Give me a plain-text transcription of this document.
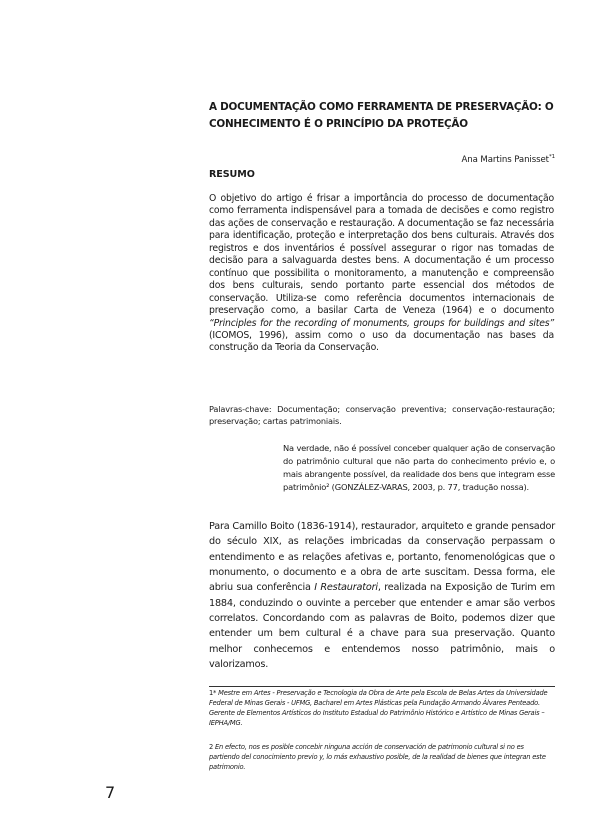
A DOCUMENTAÇÃO COMO FERRAMENTA DE PRESERVAÇÃO: O CONHECIMENTO É O PRINCÍPIO DA PROTEÇÃO
Ana Martins Panisset$^{*1}$
RESUMO

O objetivo do artigo é frisar a importância do processo de documentação como ferramenta indispensável para a tomada de decisões e como registro das ações de conservação e restauração. A documentação se faz necessária para identificação, proteção e interpretação dos bens culturais. Através dos registros e dos inventários é possível assegurar o rigor nas tomadas de decisão para a salvaguarda destes bens. A documentação é um processo contínuo que possibilita o monitoramento, a manutenção e compreensão dos bens culturais, sendo portanto parte essencial dos métodos de conservação. Utiliza-se como referência documentos internacionais de preservação como, a basilar Carta de Veneza (1964) e o documento “Principles for the recording of monuments, groups for buildings and sites” (ICOMOS, 1996), assim como o uso da documentação nas bases da construção da Teoria da Conservação.

Palavras-chave: Documentação; conservação preventiva; conservação-restauração; preservação; cartas patrimoniais.

Na verdade, não é possível conceber qualquer ação de conservação do patrimônio cultural que não parta do conhecimento prévio e, o mais abrangente possível, da realidade dos bens que integram esse patrimônio² (GONZÁLEZ-VARAS, 2003, p. 77, tradução nossa).

Para Camillo Boito (1836-1914), restaurador, arquiteto e grande pensador do século XIX, as relações imbricadas da conservação perpassam o entendimento e as relações afetivas e, portanto, fenomenológicas que o monumento, o documento e a obra de arte suscitam. Dessa forma, ele abriu sua conferência I Restauratori, realizada na Exposição de Turim em 1884, conduzindo o ouvinte a perceber que entender e amar são verbos correlatos. Concordando com as palavras de Boito, podemos dizer que entender um bem cultural é a chave para sua preservação. Quanto melhor conhecemos e entendemos nosso patrimônio, mais o valorizamos.

1* Mestre em Artes - Preservação e Tecnologia da Obra de Arte pela Escola de Belas Artes da Universidade Federal de Minas Gerais - UFMG, Bacharel em Artes Plásticas pela Fundação Armando Álvares Penteado. Gerente de Elementos Artísticos do Instituto Estadual do Patrimônio Histórico e Artístico de Minas Gerais – IEPHA/MG.

2 En efecto, nos es posible concebir ninguna acción de conservación de patrimonio cultural si no es partiendo del conocimiento previo y, lo más exhaustivo posible, de la realidad de bienes que integran este patrimonio.

7
